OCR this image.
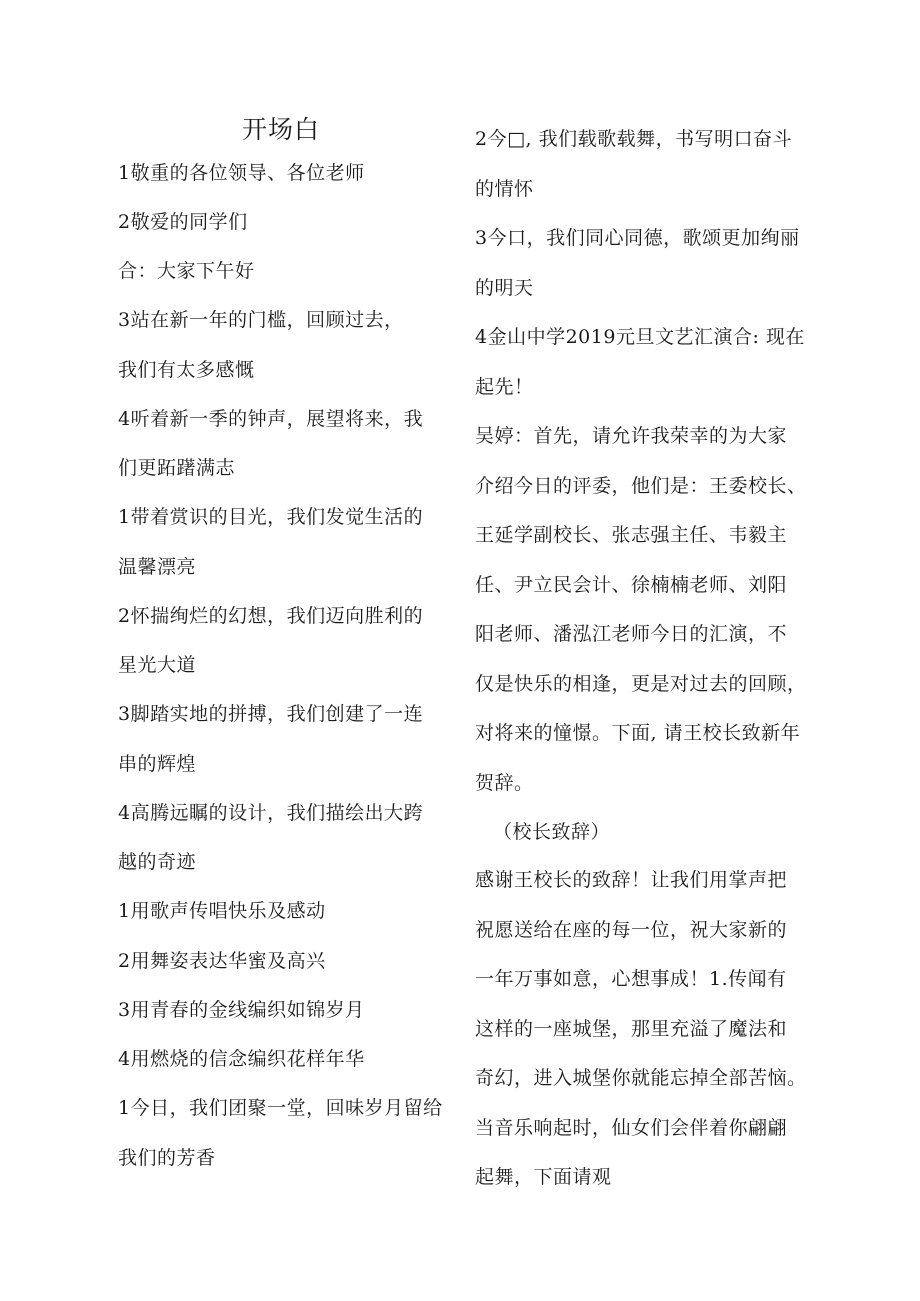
开场白
1敬重的各位领导、各位老师
2敬爱的同学们
合：大家下午好
3站在新一年的门槛，回顾过去，
我们有太多感慨
4听着新一季的钟声，展望将来，我
们更跖躇满志
1带着赏识的目光，我们发觉生活的
温馨漂亮
2怀揣绚烂的幻想，我们迈向胜利的
星光大道
3脚踏实地的拼搏，我们创建了一连
串的辉煌
4高腾远瞩的设计，我们描绘出大跨
越的奇迹
1用歌声传唱快乐及感动
2用舞姿表达华蜜及高兴
3用青春的金线编织如锦岁月
4用燃烧的信念编织花样年华
1今日，我们团聚一堂，回味岁月留给
我们的芳香
2今□, 我们载歌载舞，书写明口奋斗
的情怀
3今口，我们同心同德，歌颂更加绚丽
的明天
4金山中学2019元旦文艺汇演合: 现在
起先！
吴婷：首先，请允许我荣幸的为大家
介绍今日的评委，他们是：王委校长、
王延学副校长、张志强主任、韦毅主
任、尹立民会计、徐楠楠老师、刘阳
阳老师、潘泓江老师今日的汇演，不
仅是快乐的相逢，更是对过去的回顾，
对将来的憧憬。下面, 请王校长致新年
贺辞。
（校长致辞）
感谢王校长的致辞！让我们用掌声把
祝愿送给在座的每一位，祝大家新的
一年万事如意，心想事成！1.传闻有
这样的一座城堡，那里充溢了魔法和
奇幻，进入城堡你就能忘掉全部苦恼。
当音乐响起时，仙女们会伴着你翩翩
起舞，下面请观
